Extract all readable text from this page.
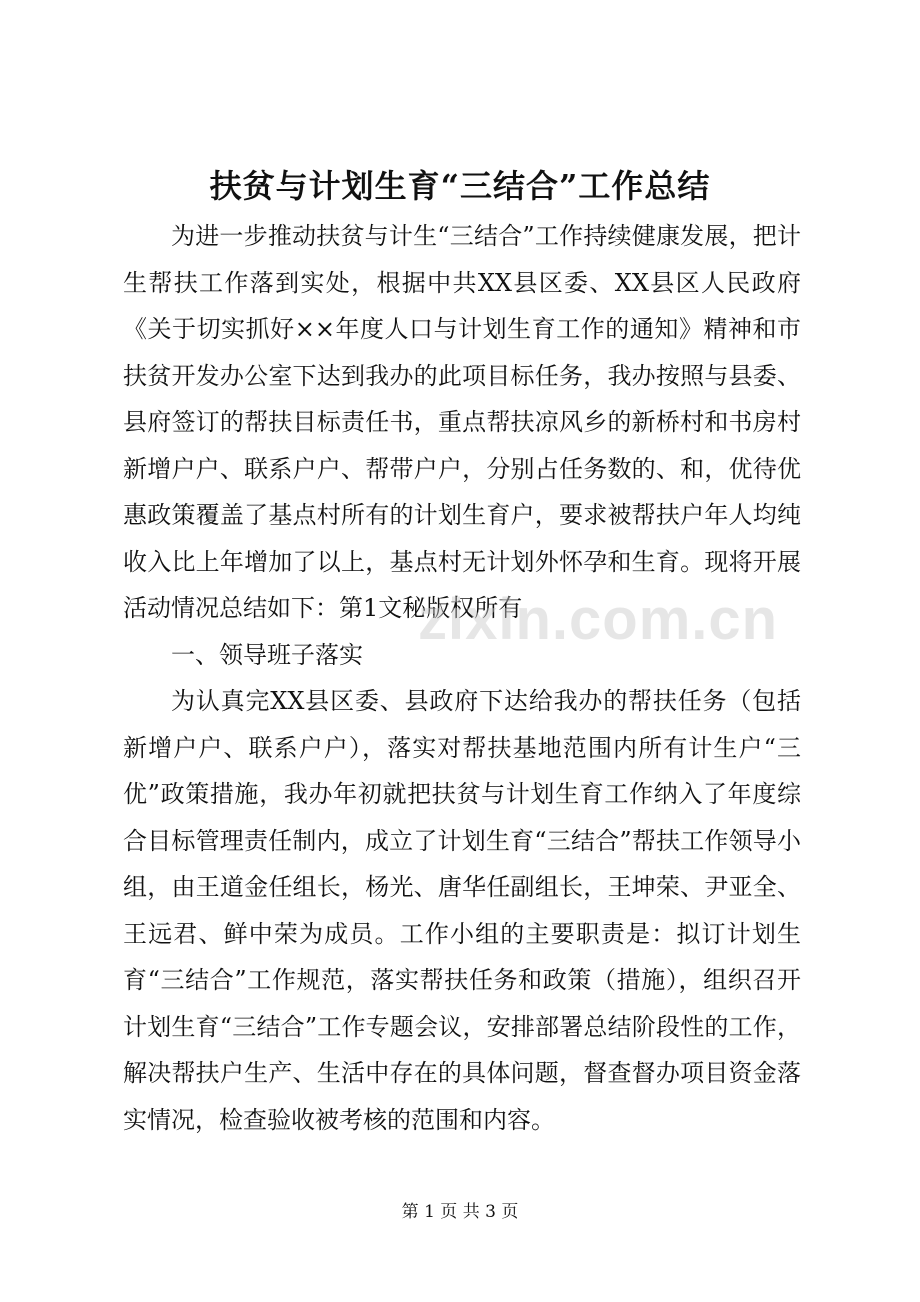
扶贫与计划生育“三结合”工作总结

为进一步推动扶贫与计生“三结合”工作持续健康发展，把计生帮扶工作落到实处，根据中共XX县区委、XX县区人民政府《关于切实抓好××年度人口与计划生育工作的通知》精神和市扶贫开发办公室下达到我办的此项目标任务，我办按照与县委、县府签订的帮扶目标责任书，重点帮扶凉风乡的新桥村和书房村新增户户、联系户户、帮带户户，分别占任务数的、和，优待优惠政策覆盖了基点村所有的计划生育户，要求被帮扶户年人均纯收入比上年增加了以上，基点村无计划外怀孕和生育。现将开展活动情况总结如下：第1文秘版权所有

一、领导班子落实

为认真完XX县区委、县政府下达给我办的帮扶任务（包括新增户户、联系户户），落实对帮扶基地范围内所有计生户“三优”政策措施，我办年初就把扶贫与计划生育工作纳入了年度综合目标管理责任制内，成立了计划生育“三结合”帮扶工作领导小组，由王道金任组长，杨光、唐华任副组长，王坤荣、尹亚全、王远君、鲜中荣为成员。工作小组的主要职责是：拟订计划生育“三结合”工作规范，落实帮扶任务和政策（措施），组织召开计划生育“三结合”工作专题会议，安排部署总结阶段性的工作，解决帮扶户生产、生活中存在的具体问题，督查督办项目资金落实情况，检查验收被考核的范围和内容。

zixin.com.cn
第 1 页 共 3 页
